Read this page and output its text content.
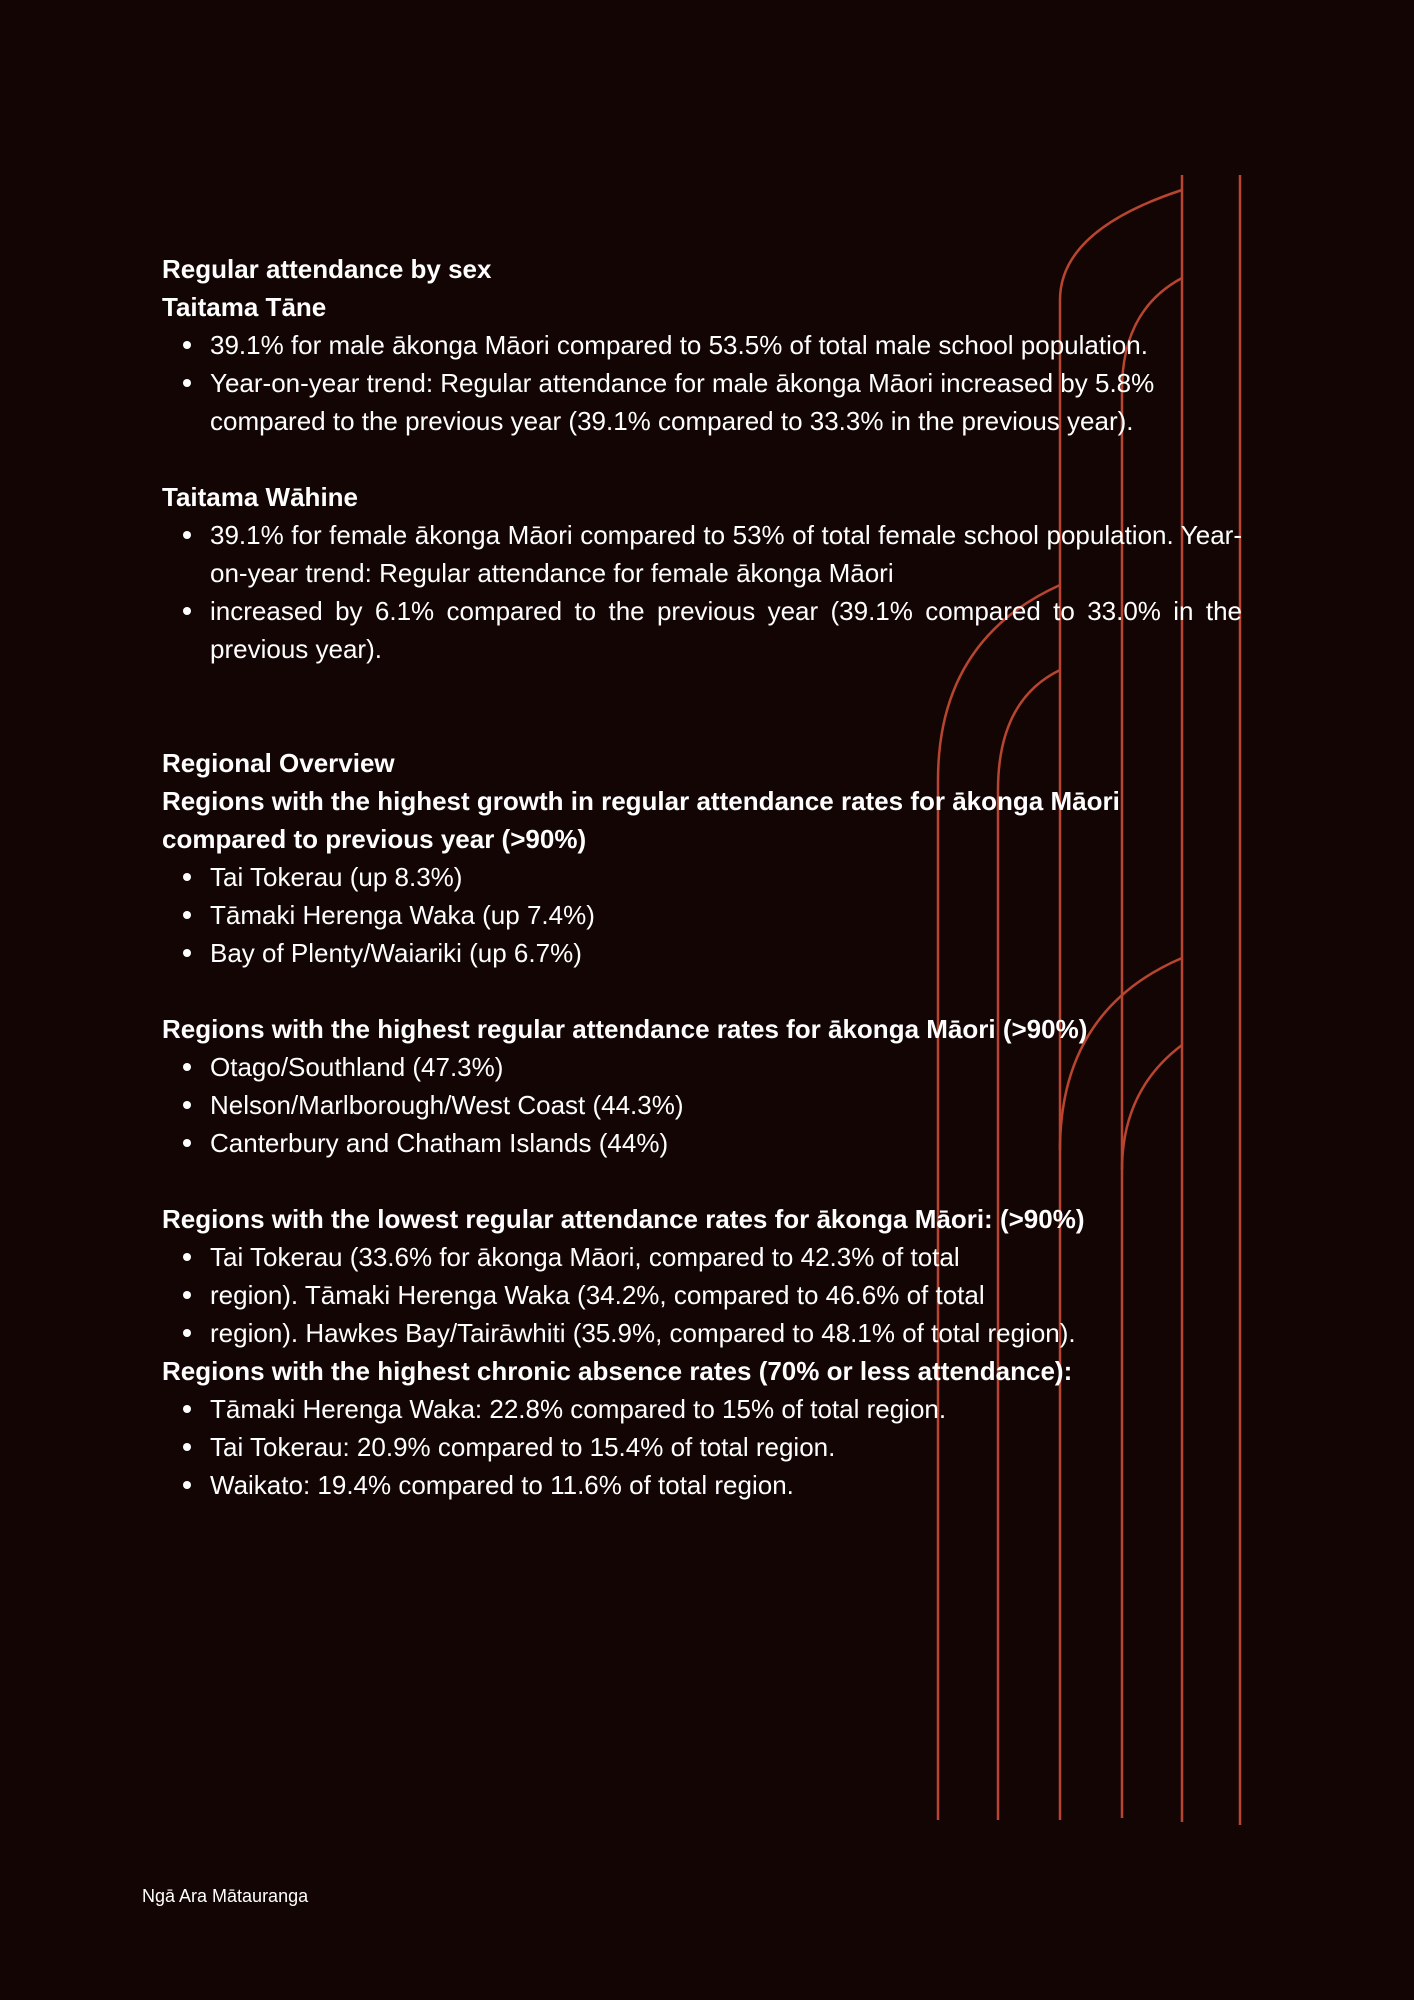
Regular attendance by sex

Taitama Tāne

39.1% for male ākonga Māori compared to 53.5% of total male school population.
Year-on-year trend: Regular attendance for male ākonga Māori increased by 5.8% compared to the previous year (39.1% compared to 33.3% in the previous year).

Taitama Wāhine

39.1% for female ākonga Māori compared to 53% of total female school population. Year-on-year trend: Regular attendance for female ākonga Māori
increased by 6.1% compared to the previous year (39.1% compared to 33.0% in the previous year).

Regional Overview

Regions with the highest growth in regular attendance rates for ākonga Māori compared to previous year (>90%)

Tai Tokerau (up 8.3%)
Tāmaki Herenga Waka (up 7.4%)
Bay of Plenty/Waiariki (up 6.7%)

Regions with the highest regular attendance rates for ākonga Māori (>90%)

Otago/Southland (47.3%)
Nelson/Marlborough/West Coast (44.3%)
Canterbury and Chatham Islands (44%)

Regions with the lowest regular attendance rates for ākonga Māori: (>90%)

Tai Tokerau (33.6% for ākonga Māori, compared to 42.3% of total
region). Tāmaki Herenga Waka (34.2%, compared to 46.6% of total
region). Hawkes Bay/Tairāwhiti (35.9%, compared to 48.1% of total region).

Regions with the highest chronic absence rates (70% or less attendance):

Tāmaki Herenga Waka: 22.8% compared to 15% of total region.
Tai Tokerau: 20.9% compared to 15.4% of total region.
Waikato: 19.4% compared to 11.6% of total region.
Ngā Ara Mātauranga
